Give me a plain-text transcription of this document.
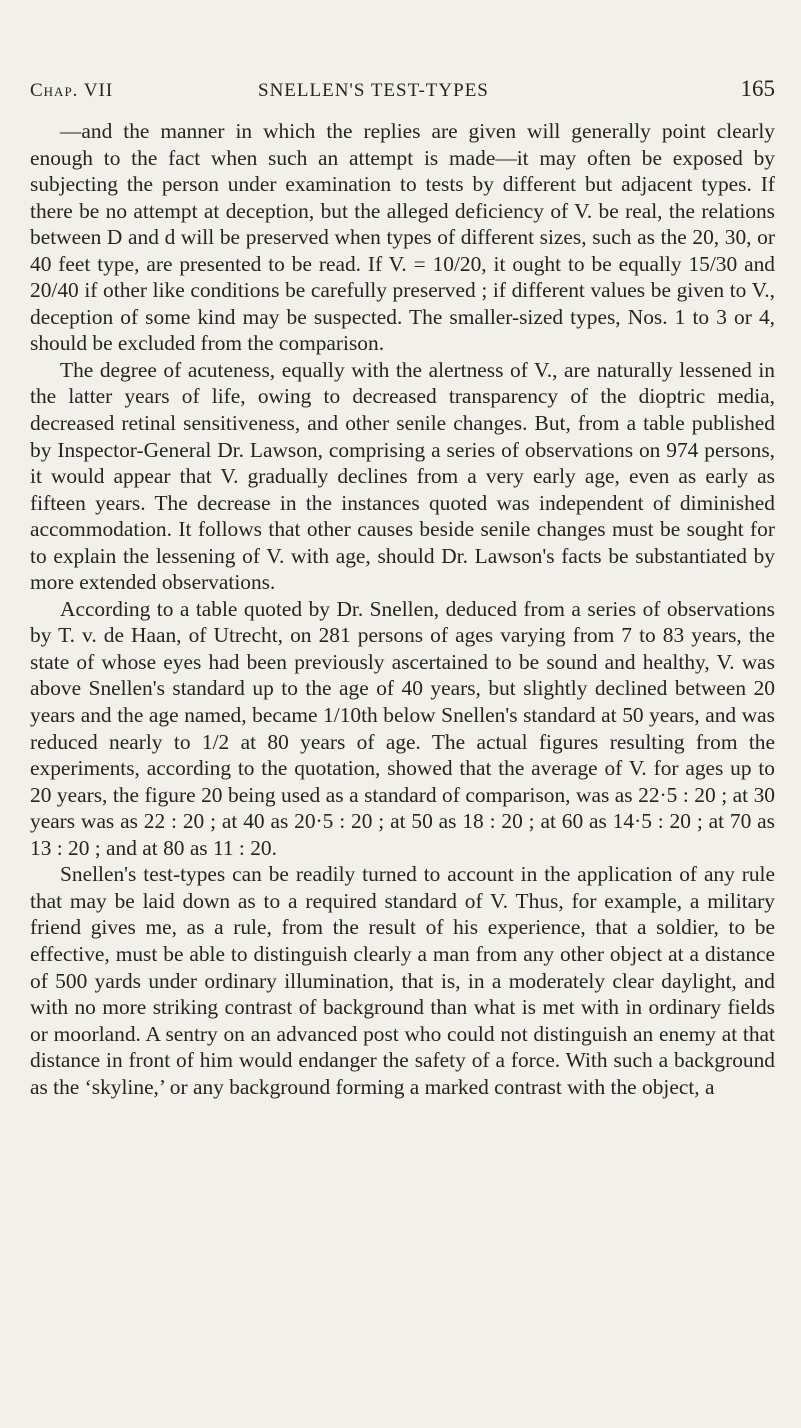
Chap. VII	SNELLEN'S TEST-TYPES	165

—and the manner in which the replies are given will generally point clearly enough to the fact when such an attempt is made—it may often be exposed by subjecting the person under examination to tests by different but adjacent types. If there be no attempt at deception, but the alleged deficiency of V. be real, the relations between D and d will be preserved when types of different sizes, such as the 20, 30, or 40 feet type, are presented to be read. If V. = 10/20, it ought to be equally 15/30 and 20/40 if other like conditions be carefully preserved ; if different values be given to V., deception of some kind may be suspected. The smaller-sized types, Nos. 1 to 3 or 4, should be excluded from the comparison.

The degree of acuteness, equally with the alertness of V., are naturally lessened in the latter years of life, owing to decreased transparency of the dioptric media, decreased retinal sensitiveness, and other senile changes. But, from a table published by Inspector-General Dr. Lawson, comprising a series of observations on 974 persons, it would appear that V. gradually declines from a very early age, even as early as fifteen years. The decrease in the instances quoted was independent of diminished accommodation. It follows that other causes beside senile changes must be sought for to explain the lessening of V. with age, should Dr. Lawson's facts be substantiated by more extended observations.

According to a table quoted by Dr. Snellen, deduced from a series of observations by T. v. de Haan, of Utrecht, on 281 persons of ages varying from 7 to 83 years, the state of whose eyes had been previously ascertained to be sound and healthy, V. was above Snellen's standard up to the age of 40 years, but slightly declined between 20 years and the age named, became 1/10th below Snellen's standard at 50 years, and was reduced nearly to 1/2 at 80 years of age. The actual figures resulting from the experiments, according to the quotation, showed that the average of V. for ages up to 20 years, the figure 20 being used as a standard of comparison, was as 22·5 : 20 ; at 30 years was as 22 : 20 ; at 40 as 20·5 : 20 ; at 50 as 18 : 20 ; at 60 as 14·5 : 20 ; at 70 as 13 : 20 ; and at 80 as 11 : 20.

Snellen's test-types can be readily turned to account in the application of any rule that may be laid down as to a required standard of V. Thus, for example, a military friend gives me, as a rule, from the result of his experience, that a soldier, to be effective, must be able to distinguish clearly a man from any other object at a distance of 500 yards under ordinary illumination, that is, in a moderately clear daylight, and with no more striking contrast of background than what is met with in ordinary fields or moorland. A sentry on an advanced post who could not distinguish an enemy at that distance in front of him would endanger the safety of a force. With such a background as the ‘skyline,’ or any background forming a marked contrast with the object, a
